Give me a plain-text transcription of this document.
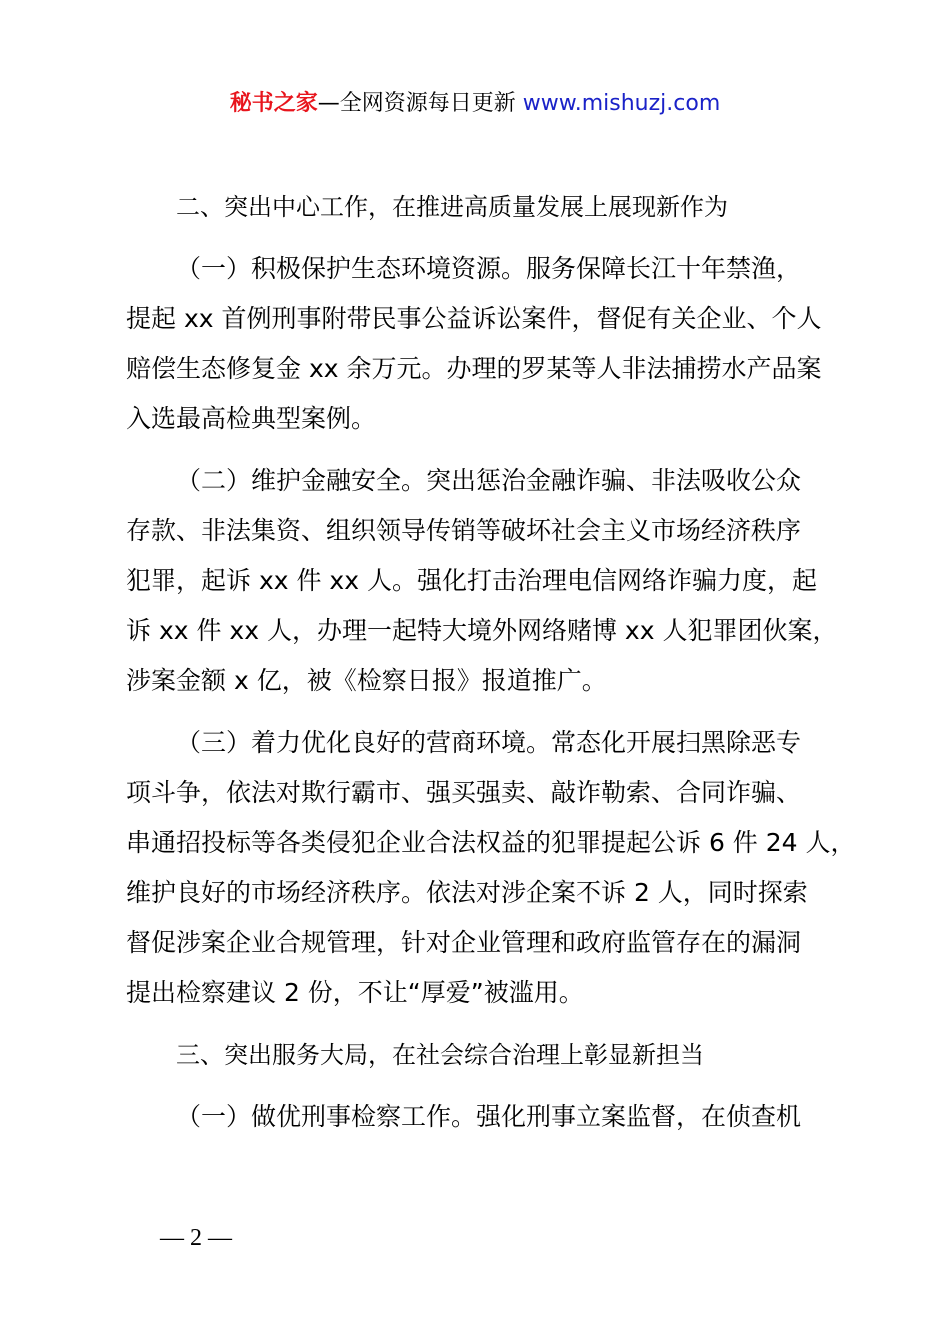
秘书之家—全网资源每日更新 www.mishuzj.com

二、突出中心工作，在推进高质量发展上展现新作为

（一）积极保护生态环境资源。服务保障长江十年禁渔，
提起 xx 首例刑事附带民事公益诉讼案件，督促有关企业、个人
赔偿生态修复金 xx 余万元。办理的罗某等人非法捕捞水产品案
入选最高检典型案例。

（二）维护金融安全。突出惩治金融诈骗、非法吸收公众
存款、非法集资、组织领导传销等破坏社会主义市场经济秩序
犯罪，起诉 xx 件 xx 人。强化打击治理电信网络诈骗力度，起
诉 xx 件 xx 人，办理一起特大境外网络赌博 xx 人犯罪团伙案，
涉案金额 x 亿，被《检察日报》报道推广。

（三）着力优化良好的营商环境。常态化开展扫黑除恶专
项斗争，依法对欺行霸市、强买强卖、敲诈勒索、合同诈骗、
串通招投标等各类侵犯企业合法权益的犯罪提起公诉 6 件 24 人，
维护良好的市场经济秩序。依法对涉企案不诉 2 人，同时探索
督促涉案企业合规管理，针对企业管理和政府监管存在的漏洞
提出检察建议 2 份，不让“厚爱”被滥用。

三、突出服务大局，在社会综合治理上彰显新担当

（一）做优刑事检察工作。强化刑事立案监督，在侦查机

— 2 —
